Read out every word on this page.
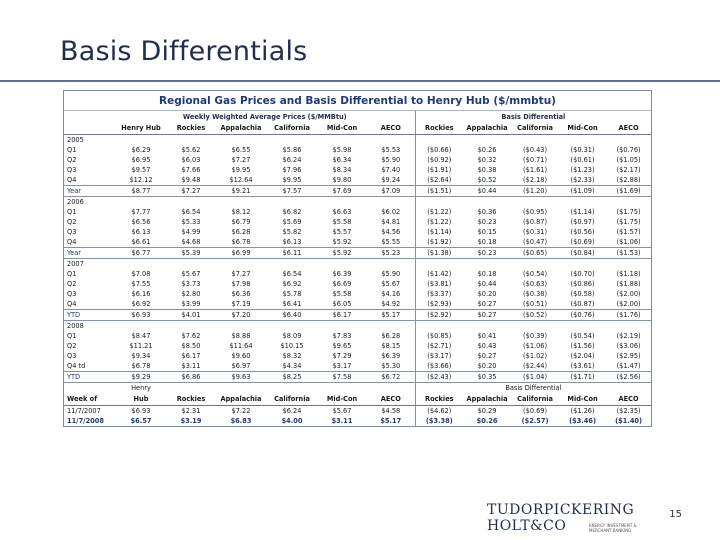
Basis Differentials
Regional Gas Prices and Basis Differential to Henry Hub ($/mmbtu)
	Weekly Weighted Average Prices ($/MMBtu)						Basis Differential				
	Henry Hub	Rockies	Appalachia	California	Mid-Con	AECO	Rockies	Appalachia	California	Mid-Con	AECO
2005											
Q1	$6.29	$5.62	$6.55	$5.86	$5.98	$5.53	($0.66)	$0.26	($0.43)	($0.31)	($0.76)
Q2	$6.95	$6.03	$7.27	$6.24	$6.34	$5.90	($0.92)	$0.32	($0.71)	($0.61)	($1.05)
Q3	$9.57	$7.66	$9.95	$7.96	$8.34	$7.40	($1.91)	$0.38	($1.61)	($1.23)	($2.17)
Q4	$12.12	$9.48	$12.64	$9.95	$9.80	$9.24	($2.64)	$0.52	($2.18)	($2.33)	($2.88)
Year	$8.77	$7.27	$9.21	$7.57	$7.69	$7.09	($1.51)	$0.44	($1.20)	($1.09)	($1.69)
2006											
Q1	$7.77	$6.54	$8.12	$6.82	$6.63	$6.02	($1.22)	$0.36	($0.95)	($1.14)	($1.75)
Q2	$6.56	$5.33	$6.79	$5.69	$5.58	$4.81	($1.22)	$0.23	($0.87)	($0.97)	($1.75)
Q3	$6.13	$4.99	$6.28	$5.82	$5.57	$4.56	($1.14)	$0.15	($0.31)	($0.56)	($1.57)
Q4	$6.61	$4.68	$6.78	$6.13	$5.92	$5.55	($1.92)	$0.18	($0.47)	($0.69)	($1.06)
Year	$6.77	$5.39	$6.99	$6.11	$5.92	$5.23	($1.38)	$0.23	($0.65)	($0.84)	($1.53)
2007											
Q1	$7.08	$5.67	$7.27	$6.54	$6.39	$5.90	($1.42)	$0.18	($0.54)	($0.70)	($1.18)
Q2	$7.55	$3.73	$7.98	$6.92	$6.69	$5.67	($3.81)	$0.44	($0.63)	($0.86)	($1.88)
Q3	$6.16	$2.80	$6.36	$5.78	$5.58	$4.16	($3.37)	$0.20	($0.38)	($0.58)	($2.00)
Q4	$6.92	$3.99	$7.19	$6.41	$6.05	$4.92	($2.93)	$0.27	($0.51)	($0.87)	($2.00)
YTD	$6.93	$4.01	$7.20	$6.40	$6.17	$5.17	($2.92)	$0.27	($0.52)	($0.76)	($1.76)
2008											
Q1	$8.47	$7.62	$8.88	$8.09	$7.83	$6.28	($0.85)	$0.41	($0.39)	($0.54)	($2.19)
Q2	$11.21	$8.50	$11.64	$10.15	$9.65	$8.15	($2.71)	$0.43	($1.06)	($1.56)	($3.06)
Q3	$9.34	$6.17	$9.60	$8.32	$7.29	$6.39	($3.17)	$0.27	($1.02)	($2.04)	($2.95)
Q4 td	$6.78	$3.11	$6.97	$4.34	$3.17	$5.30	($3.66)	$0.20	($2.44)	($3.61)	($1.47)
YTD	$9.29	$6.86	$9.63	$8.25	$7.58	$6.72	($2.43)	$0.35	($1.04)	($1.71)	($2.56)
	Henry						Basis Differential				
Week of	Hub	Rockies	Appalachia	California	Mid-Con	AECO	Rockies	Appalachia	California	Mid-Con	AECO
11/7/2007	$6.93	$2.31	$7.22	$6.24	$5.67	$4.58	($4.62)	$0.29	($0.69)	($1.26)	($2.35)
11/7/2008	$6.57	$3.19	$6.83	$4.00	$3.11	$5.17	($3.38)	$0.26	($2.57)	($3.46)	($1.40)
TUDORPICKERING
HOLT&CO	ENERGY INVESTMENT & MERCHANT BANKING
15
